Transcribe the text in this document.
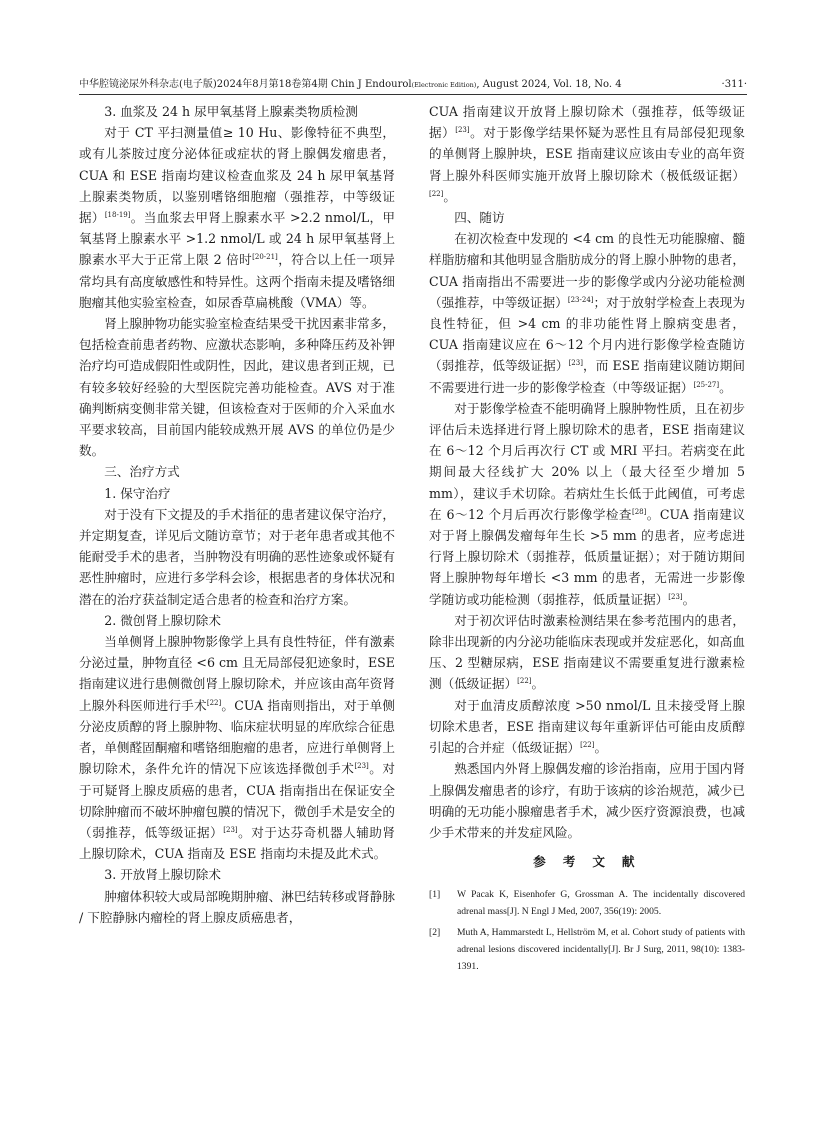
中华腔镜泌尿外科杂志(电子版)2024年8月第18卷第4期 Chin J Endourol(Electronic Edition), August 2024, Vol. 18, No. 4	·311·

3. 血浆及 24 h 尿甲氧基肾上腺素类物质检测

对于 CT 平扫测量值≥ 10 Hu、影像特征不典型，或有儿茶胺过度分泌体征或症状的肾上腺偶发瘤患者，CUA 和 ESE 指南均建议检查血浆及 24 h 尿甲氧基肾上腺素类物质，以鉴别嗜铬细胞瘤（强推荐，中等级证据）[18-19]。当血浆去甲肾上腺素水平 >2.2 nmol/L，甲氧基肾上腺素水平 >1.2 nmol/L 或 24 h 尿甲氧基肾上腺素水平大于正常上限 2 倍时[20-21]，符合以上任一项异常均具有高度敏感性和特异性。这两个指南未提及嗜铬细胞瘤其他实验室检查，如尿香草扁桃酸（VMA）等。

肾上腺肿物功能实验室检查结果受干扰因素非常多，包括检查前患者药物、应激状态影响，多种降压药及补钾治疗均可造成假阳性或阴性，因此，建议患者到正规，已有较多较好经验的大型医院完善功能检查。AVS 对于准确判断病变侧非常关键，但该检查对于医师的介入采血水平要求较高，目前国内能较成熟开展 AVS 的单位仍是少数。

三、治疗方式

1. 保守治疗

对于没有下文提及的手术指征的患者建议保守治疗，并定期复查，详见后文随访章节；对于老年患者或其他不能耐受手术的患者，当肿物没有明确的恶性迹象或怀疑有恶性肿瘤时，应进行多学科会诊，根据患者的身体状况和潜在的治疗获益制定适合患者的检查和治疗方案。

2. 微创肾上腺切除术

当单侧肾上腺肿物影像学上具有良性特征，伴有激素分泌过量，肿物直径 <6 cm 且无局部侵犯迹象时，ESE 指南建议进行患侧微创肾上腺切除术，并应该由高年资肾上腺外科医师进行手术[22]。CUA 指南则指出，对于单侧分泌皮质醇的肾上腺肿物、临床症状明显的库欣综合征患者，单侧醛固酮瘤和嗜铬细胞瘤的患者，应进行单侧肾上腺切除术，条件允许的情况下应该选择微创手术[23]。对于可疑肾上腺皮质癌的患者，CUA 指南指出在保证安全切除肿瘤而不破坏肿瘤包膜的情况下，微创手术是安全的（弱推荐，低等级证据）[23]。对于达芬奇机器人辅助肾上腺切除术，CUA 指南及 ESE 指南均未提及此术式。

3. 开放肾上腺切除术

肿瘤体积较大或局部晚期肿瘤、淋巴结转移或肾静脉 / 下腔静脉内瘤栓的肾上腺皮质癌患者，

CUA 指南建议开放肾上腺切除术（强推荐，低等级证据）[23]。对于影像学结果怀疑为恶性且有局部侵犯现象的单侧肾上腺肿块，ESE 指南建议应该由专业的高年资肾上腺外科医师实施开放肾上腺切除术（极低级证据）[22]。

四、随访

在初次检查中发现的 <4 cm 的良性无功能腺瘤、髓样脂肪瘤和其他明显含脂肪成分的肾上腺小肿物的患者，CUA 指南指出不需要进一步的影像学或内分泌功能检测（强推荐，中等级证据）[23-24]；对于放射学检查上表现为良性特征，但 >4 cm 的非功能性肾上腺病变患者，CUA 指南建议应在 6～12 个月内进行影像学检查随访（弱推荐，低等级证据）[23]，而 ESE 指南建议随访期间不需要进行进一步的影像学检查（中等级证据）[25-27]。

对于影像学检查不能明确肾上腺肿物性质，且在初步评估后未选择进行肾上腺切除术的患者，ESE 指南建议在 6～12 个月后再次行 CT 或 MRI 平扫。若病变在此期间最大径线扩大 20% 以上（最大径至少增加 5 mm），建议手术切除。若病灶生长低于此阈值，可考虑在 6～12 个月后再次行影像学检查[28]。CUA 指南建议对于肾上腺偶发瘤每年生长 >5 mm 的患者，应考虑进行肾上腺切除术（弱推荐，低质量证据）；对于随访期间肾上腺肿物每年增长 <3 mm 的患者，无需进一步影像学随访或功能检测（弱推荐，低质量证据）[23]。

对于初次评估时激素检测结果在参考范围内的患者，除非出现新的内分泌功能临床表现或并发症恶化，如高血压、2 型糖尿病，ESE 指南建议不需要重复进行激素检测（低级证据）[22]。

对于血清皮质醇浓度 >50 nmol/L 且未接受肾上腺切除术患者，ESE 指南建议每年重新评估可能由皮质醇引起的合并症（低级证据）[22]。

熟悉国内外肾上腺偶发瘤的诊治指南，应用于国内肾上腺偶发瘤患者的诊疗，有助于该病的诊治规范，减少已明确的无功能小腺瘤患者手术，减少医疗资源浪费，也减少手术带来的并发症风险。

参 考 文 献
[1]	W Pacak K, Eisenhofer G, Grossman A. The incidentally discovered adrenal mass[J]. N Engl J Med, 2007, 356(19): 2005.
[2]	Muth A, Hammarstedt L, Hellström M, et al. Cohort study of patients with adrenal lesions discovered incidentally[J]. Br J Surg, 2011, 98(10): 1383-1391.
